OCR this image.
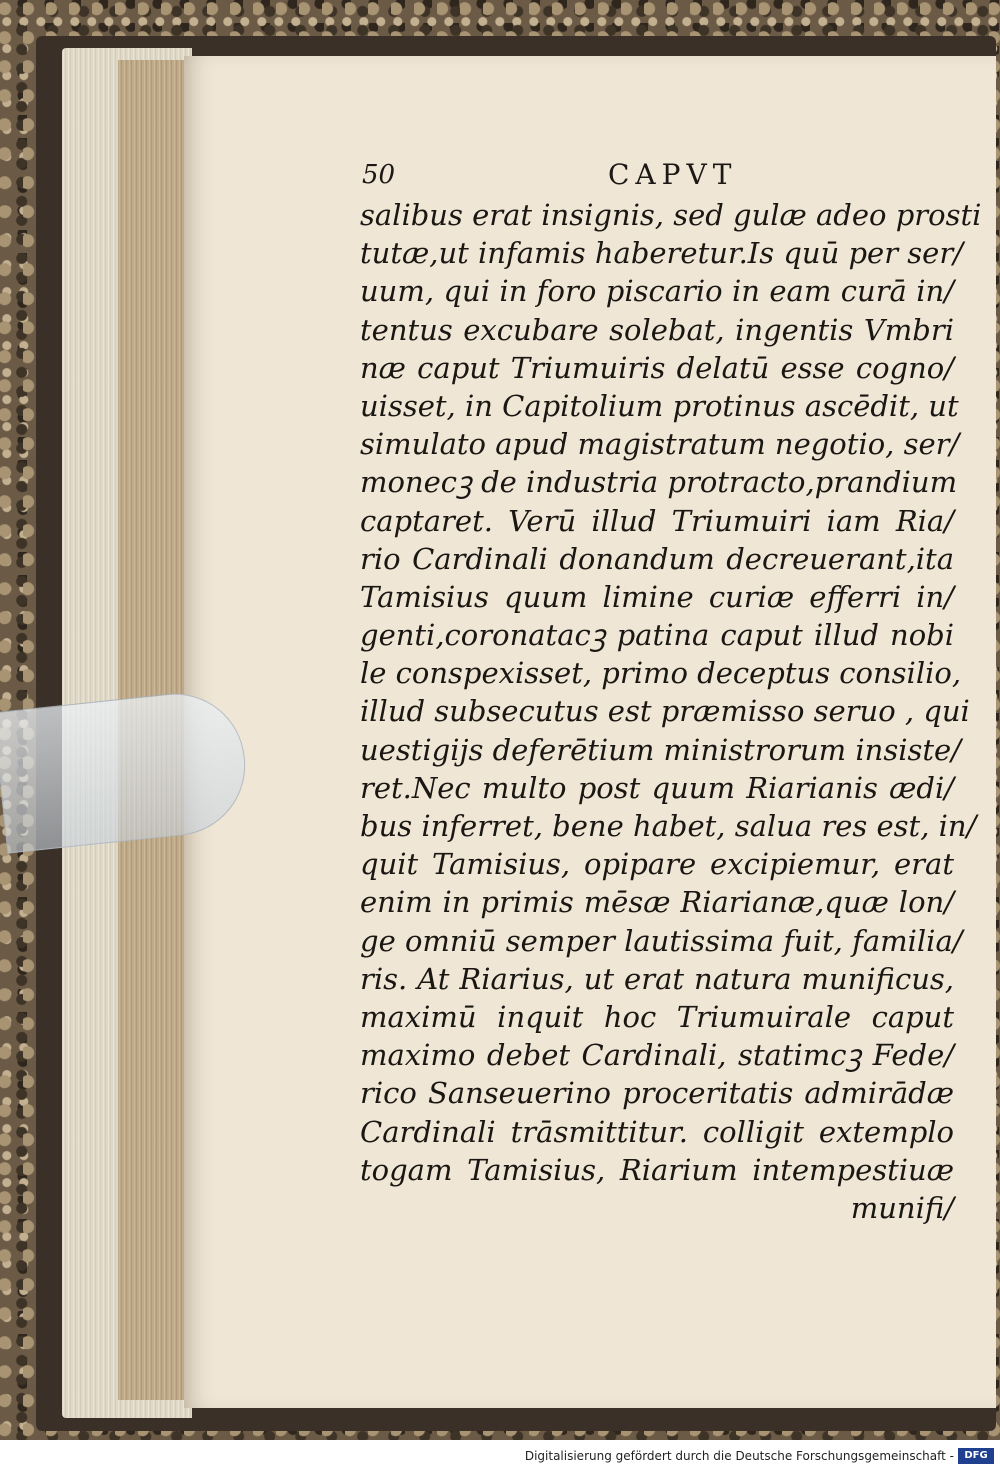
50	CAPVT
salibus erat insignis, sed gulæ adeo prosti
tutæ,ut infamis haberetur.Is quū per ser/
uum, qui in foro piscario in eam curā in/
tentus excubare solebat, ingentis Vmbri
næ caput Triumuiris delatū esse cogno/
uisset, in Capitolium protinus ascēdit, ut
simulato apud magistratum negotio, ser/
monecꝫ de industria protracto,prandium
captaret. Verū illud Triumuiri iam Ria/
rio Cardinali donandum decreuerant,ita
Tamisius quum limine curiæ efferri in/
genti,coronatacꝫ patina caput illud nobi
le conspexisset, primo deceptus consilio,
illud subsecutus est præmisso seruo , qui
uestigijs deferētium ministrorum insiste/
ret.Nec multo post quum Riarianis ædi/
bus inferret, bene habet, salua res est, in/
quit Tamisius, opipare excipiemur, erat
enim in primis mēsæ Riarianæ,quæ lon/
ge omniū semper lautissima fuit, familia/
ris. At Riarius, ut erat natura munificus,
maximū inquit hoc Triumuirale caput
maximo debet Cardinali, statimcꝫ Fede/
rico Sanseuerino proceritatis admirādæ
Cardinali trāsmittitur. colligit extemplo
togam Tamisius, Riarium intempestiuæ
munifi/
Digitalisierung gefördert durch die Deutsche Forschungsgemeinschaft -	DFG
